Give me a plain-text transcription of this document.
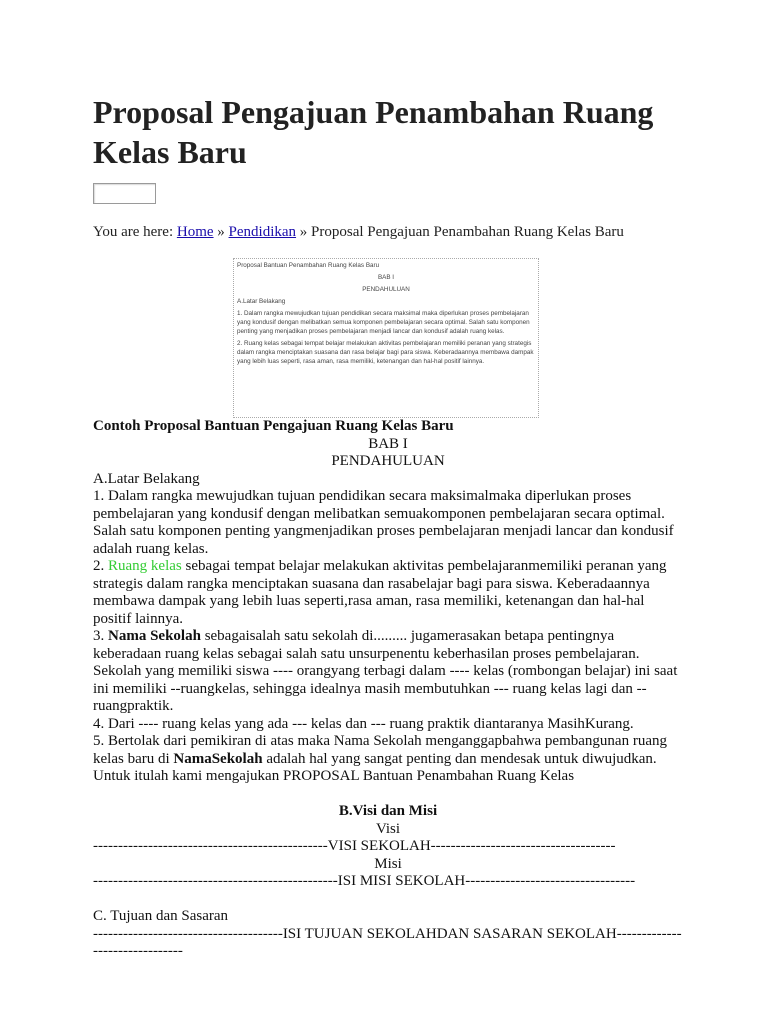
Proposal Pengajuan Penambahan Ruang Kelas Baru
You are here: Home » Pendidikan » Proposal Pengajuan Penambahan Ruang Kelas Baru

Proposal Bantuan Penambahan Ruang Kelas Baru

BAB I

PENDAHULUAN

A.Latar Belakang

1. Dalam rangka mewujudkan tujuan pendidikan secara maksimal maka diperlukan proses pembelajaran yang kondusif dengan melibatkan semua komponen pembelajaran secara optimal. Salah satu komponen penting yang menjadikan proses pembelajaran menjadi lancar dan kondusif adalah ruang kelas.

2. Ruang kelas sebagai tempat belajar melakukan aktivitas pembelajaran memiliki peranan yang strategis dalam rangka menciptakan suasana dan rasa belajar bagi para siswa. Keberadaannya membawa dampak yang lebih luas seperti, rasa aman, rasa memiliki, ketenangan dan hal-hal positif lainnya.

Contoh Proposal Bantuan Pengajuan Ruang Kelas Baru

BAB I

PENDAHULUAN

A.Latar Belakang

1. Dalam rangka mewujudkan tujuan pendidikan secara maksimalmaka diperlukan proses pembelajaran yang kondusif dengan melibatkan semuakomponen pembelajaran secara optimal. Salah satu komponen penting yangmenjadikan proses pembelajaran menjadi lancar dan kondusif adalah ruang kelas.

2. Ruang kelas sebagai tempat belajar melakukan aktivitas pembelajaranmemiliki peranan yang strategis dalam rangka menciptakan suasana dan rasabelajar bagi para siswa. Keberadaannya membawa dampak yang lebih luas seperti,rasa aman, rasa memiliki, ketenangan dan hal-hal positif lainnya.

3. Nama Sekolah sebagaisalah satu sekolah di......... jugamerasakan betapa pentingnya keberadaan ruang kelas sebagai salah satu unsurpenentu keberhasilan proses pembelajaran. Sekolah yang memiliki siswa ---- orangyang terbagi dalam ---- kelas (rombongan belajar) ini saat ini memiliki --ruangkelas, sehingga idealnya masih membutuhkan --- ruang kelas lagi dan -- ruangpraktik.

4. Dari ---- ruang kelas yang ada --- kelas dan --- ruang praktik diantaranya MasihKurang.

5. Bertolak dari pemikiran di atas maka Nama Sekolah menganggapbahwa pembangunan ruang kelas baru di NamaSekolah adalah hal yang sangat penting dan mendesak untuk diwujudkan.

Untuk itulah kami mengajukan PROPOSAL Bantuan Penambahan Ruang Kelas

B.Visi dan Misi

Visi

-----------------------------------------------VISI SEKOLAH-------------------------------------

Misi

-------------------------------------------------ISI MISI SEKOLAH----------------------------------

C. Tujuan dan Sasaran

--------------------------------------ISI TUJUAN SEKOLAHDAN SASARAN SEKOLAH-------------------------------
